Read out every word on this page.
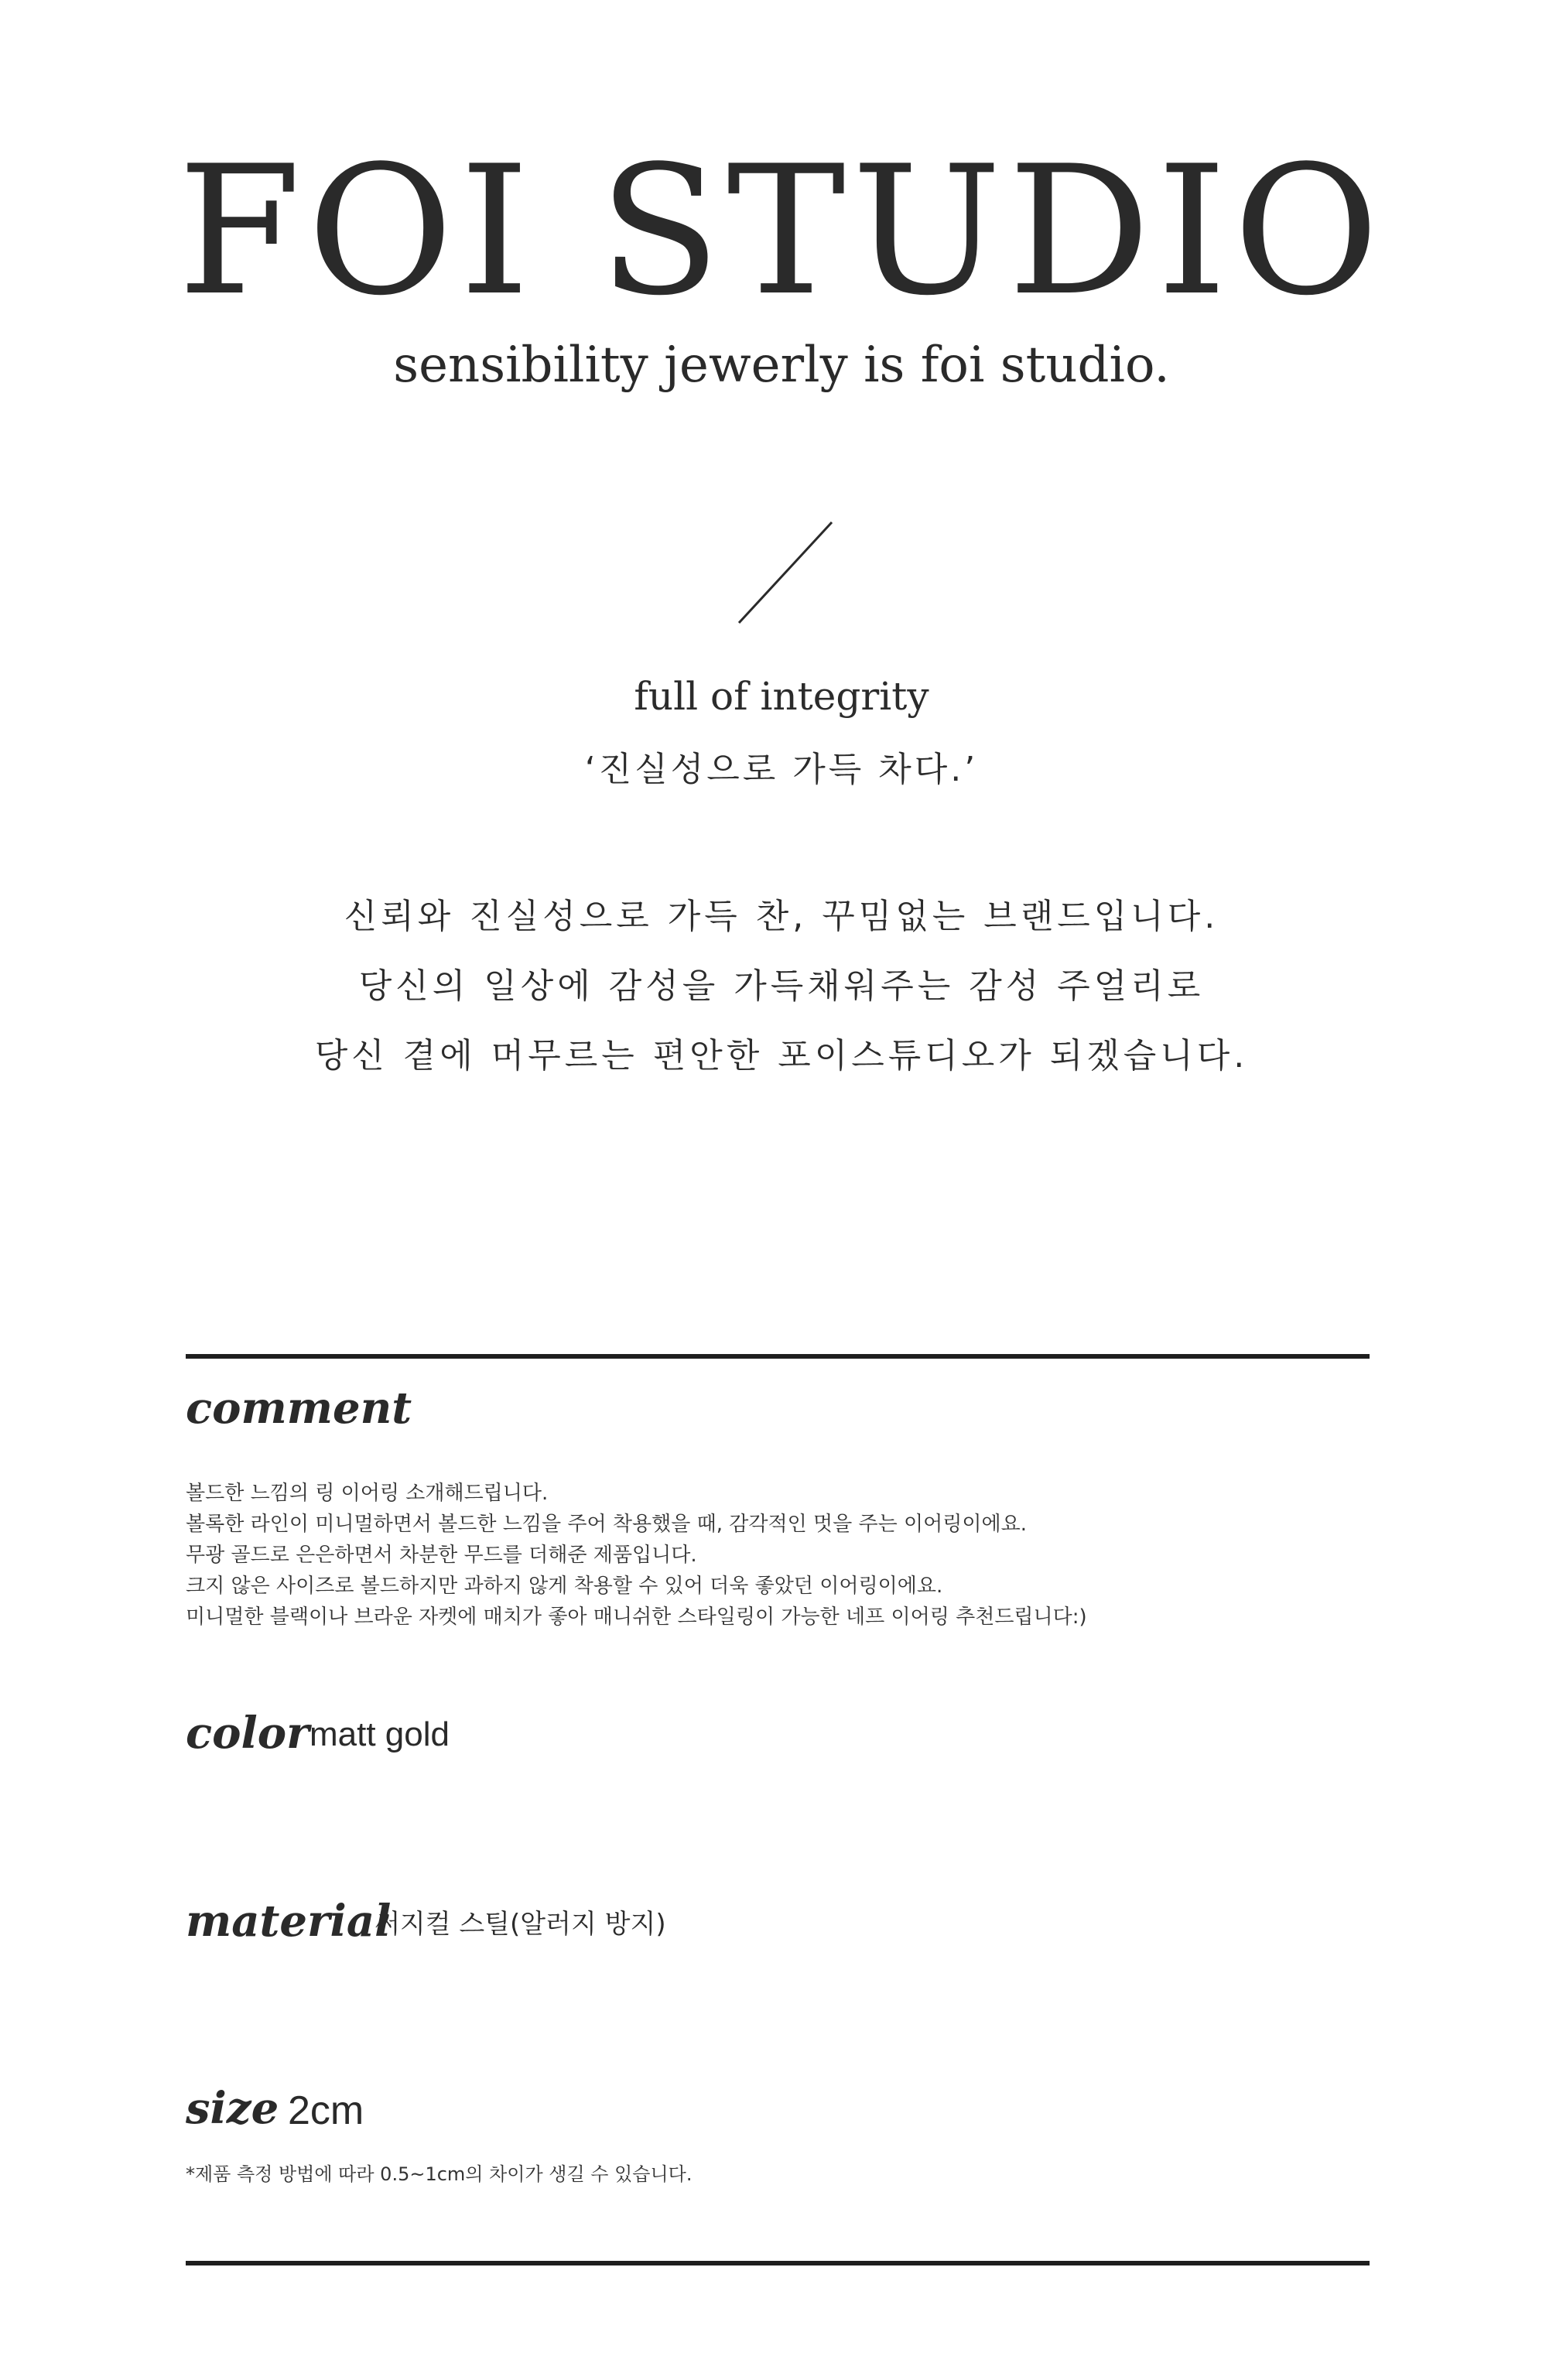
FOI STUDIO
sensibility jewerly is foi studio.
full of integrity
‘진실성으로 가득 차다.’
신뢰와 진실성으로 가득 찬, 꾸밈없는 브랜드입니다.
당신의 일상에 감성을 가득채워주는 감성 주얼리로
당신 곁에 머무르는 편안한 포이스튜디오가 되겠습니다.
comment
볼드한 느낌의 링 이어링 소개해드립니다.
볼록한 라인이 미니멀하면서 볼드한 느낌을 주어 착용했을 때, 감각적인 멋을 주는 이어링이에요.
무광 골드로 은은하면서 차분한 무드를 더해준 제품입니다.
크지 않은 사이즈로 볼드하지만 과하지 않게 착용할 수 있어 더욱 좋았던 이어링이에요.
미니멀한 블랙이나 브라운 자켓에 매치가 좋아 매니쉬한 스타일링이 가능한 네프 이어링 추천드립니다:)
color matt gold
material
써지컬 스틸(알러지 방지)
size 2cm
*제품 측정 방법에 따라 0.5~1cm의 차이가 생길 수 있습니다.
